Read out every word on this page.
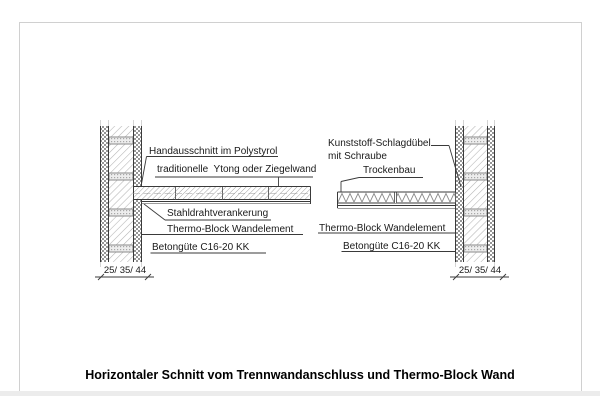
Handausschnitt im Polystyrol
traditionelle  Ytong oder Ziegelwand
Stahldrahtverankerung
Thermo-Block Wandelement
Betongüte C16-20 KK
Kunststoff-Schlagdübel
mit Schraube
Trockenbau
Thermo-Block Wandelement
Betongüte C16-20 KK
25/ 35/ 44	25/ 35/ 44
Horizontaler Schnitt vom Trennwandanschluss und Thermo-Block Wand
